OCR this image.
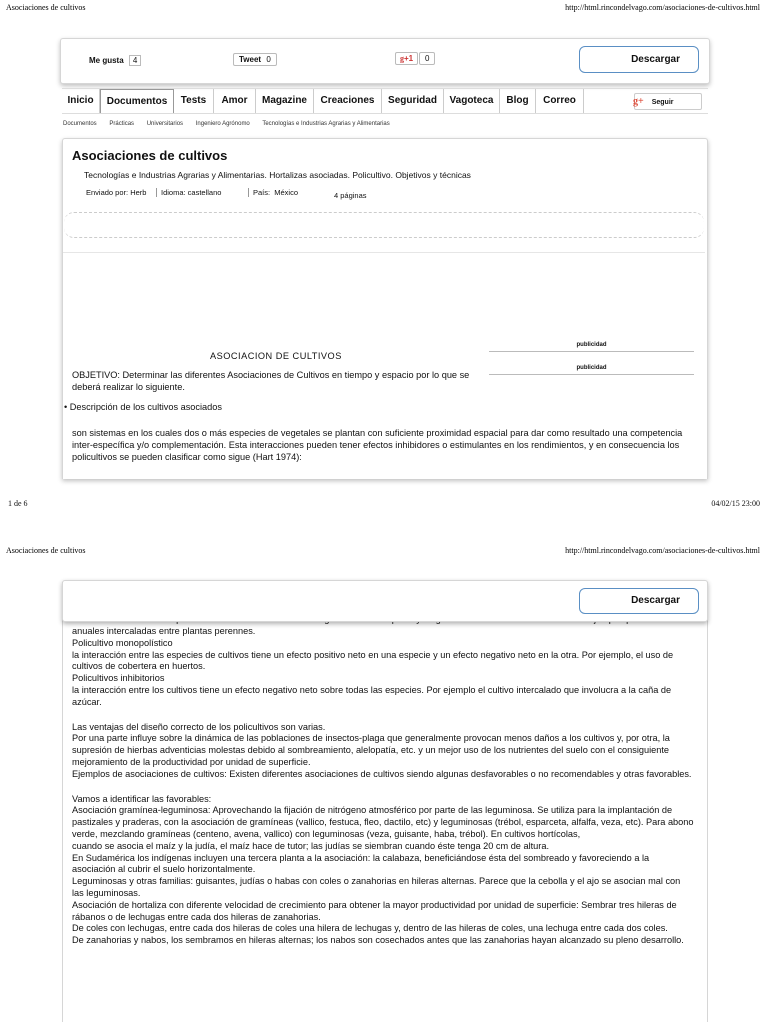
Asociaciones de cultivos	http://html.rincondelvago.com/asociaciones-de-cultivos.html
Me gusta 4	Tweet 0	g+1	0	Descargar
Inicio	Documentos	Tests	Amor	Magazine	Creaciones	Seguridad	Vagoteca	Blog	Correo	g+ Seguir
Documentos Prácticas Universitarios Ingeniero Agrónomo Tecnologías e Industrias Agrarias y Alimentarias
Asociaciones de cultivos
Tecnologías e Industrias Agrarias y Alimentarias. Hortalizas asociadas. Policultivo. Objetivos y técnicas
Enviado por: Herb	Idioma: castellano	País:  México	4 páginas
publicidad
publicidad
ASOCIACION DE CULTIVOS
OBJETIVO: Determinar las diferentes Asociaciones de Cultivos en tiempo y espacio por lo que se deberá realizar lo siguiente.
• Descripción de los cultivos asociados
son sistemas en los cuales dos o más especies de vegetales se plantan con suficiente proximidad espacial para dar como resultado una competencia inter-específica y/o complementación. Esta interacciones pueden tener efectos inhibidores o estimulantes en los rendimientos, y en consecuencia los policultivos se pueden clasificar como sigue (Hart 1974):
1 de 6	04/02/15 23:00
Asociaciones de cultivos	http://html.rincondelvago.com/asociaciones-de-cultivos.html
Descargar

anuales intercaladas entre plantas perennes.

Policultivo monopolístico

la interacción entre las especies de cultivos tiene un efecto positivo neto en una especie y un efecto negativo neto en la otra. Por ejemplo, el uso de cultivos de cobertera en huertos.

Policultivos inhibitorios

la interacción entre los cultivos tiene un efecto negativo neto sobre todas las especies. Por ejemplo el cultivo intercalado que involucra a la caña de azúcar.

Las ventajas del diseño correcto de los policultivos son varias.

Por una parte influye sobre la dinámica de las poblaciones de insectos-plaga que generalmente provocan menos daños a los cultivos y, por otra, la supresión de hierbas adventicias molestas debido al sombreamiento, alelopatía, etc. y un mejor uso de los nutrientes del suelo con el consiguiente mejoramiento de la productividad por unidad de superficie.

Ejemplos de asociaciones de cultivos: Existen diferentes asociaciones de cultivos siendo algunas desfavorables o no recomendables y otras favorables.

Vamos a identificar las favorables:

Asociación gramínea-leguminosa: Aprovechando la fijación de nitrógeno atmosférico por parte de las leguminosa. Se utiliza para la implantación de pastizales y praderas, con la asociación de gramíneas (vallico, festuca, fleo, dactilo, etc) y leguminosas (trébol, esparceta, alfalfa, veza, etc). Para abono verde, mezclando gramíneas (centeno, avena, vallico) con leguminosas (veza, guisante, haba, trébol). En cultivos hortícolas,

cuando se asocia el maíz y la judía, el maíz hace de tutor; las judías se siembran cuando éste tenga 20 cm de altura.

En Sudamérica los indígenas incluyen una tercera planta a la asociación: la calabaza, beneficiándose ésta del sombreado y favoreciendo a la asociación al cubrir el suelo horizontalmente.

Leguminosas y otras familias: guisantes, judías o habas con coles o zanahorias en hileras alternas. Parece que la cebolla y el ajo se asocian mal con las leguminosas.

Asociación de hortaliza con diferente velocidad de crecimiento para obtener la mayor productividad por unidad de superficie: Sembrar tres hileras de rábanos o de lechugas entre cada dos hileras de zanahorias.

De coles con lechugas, entre cada dos hileras de coles una hilera de lechugas y, dentro de las hileras de coles, una lechuga entre cada dos coles.

De zanahorias y nabos, los sembramos en hileras alternas; los nabos son cosechados antes que las zanahorias hayan alcanzado su pleno desarrollo.
